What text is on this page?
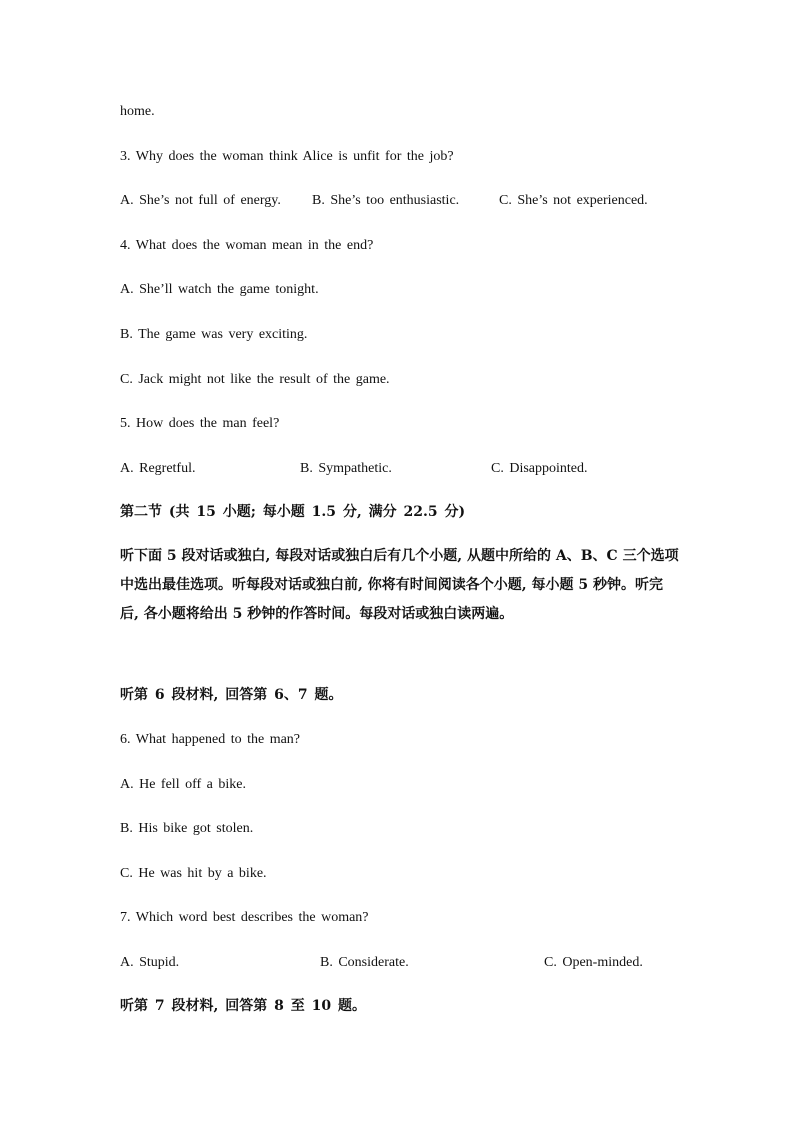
home.
3. Why does the woman think Alice is unfit for the job?
A. She’s not full of energy. B. She’s too enthusiastic.	C. She’s not experienced.
4. What does the woman mean in the end?
A. She’ll watch the game tonight.
B. The game was very exciting.
C. Jack might not like the result of the game.
5. How does the man feel?
A. Regretful.	B. Sympathetic.	C. Disappointed.
第二节 (共 15 小题; 每小题 1.5 分, 满分 22.5 分)
听下面 5 段对话或独白, 每段对话或独白后有几个小题, 从题中所给的 A、B、C 三个选项中选出最佳选项。听每段对话或独白前, 你将有时间阅读各个小题, 每小题 5 秒钟。听完后, 各小题将给出 5 秒钟的作答时间。每段对话或独白读两遍。
听第 6 段材料, 回答第 6、7 题。
6. What happened to the man?
A. He fell off a bike.
B. His bike got stolen.
C. He was hit by a bike.
7. Which word best describes the woman?
A. Stupid.	B. Considerate.	C. Open-minded.
听第 7 段材料, 回答第 8 至 10 题。
